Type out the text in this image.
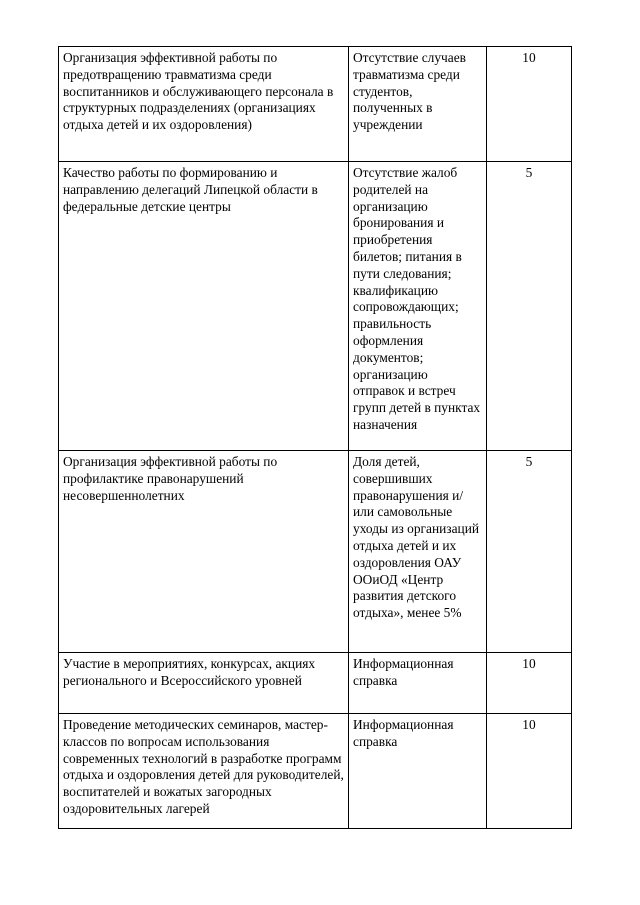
Организация эффективной работы по предотвращению травматизма среди воспитанников и обслуживающего персонала в структурных подразделениях (организациях отдыха детей и их оздоровления)	Отсутствие случаев травматизма среди студентов, полученных в учреждении	10
Качество работы по формированию и направлению делегаций Липецкой области в федеральные детские центры	Отсутствие жалоб родителей на организацию бронирования и приобретения билетов; питания в пути следования; квалификацию сопровождающих; правильность оформления документов; организацию отправок и встреч групп детей в пунктах назначения	5
Организация эффективной работы по профилактике правонарушений несовершеннолетних	Доля детей, совершивших правонарушения и/или самовольные уходы из организаций отдыха детей и их оздоровления ОАУ ООиОД «Центр развития детского отдыха», менее 5%	5
Участие в мероприятиях, конкурсах, акциях регионального и Всероссийского уровней	Информационная справка	10
Проведение методических семинаров, мастер-классов по вопросам использования современных технологий в разработке программ отдыха и оздоровления детей для руководителей, воспитателей и вожатых загородных оздоровительных лагерей	Информационная справка	10
